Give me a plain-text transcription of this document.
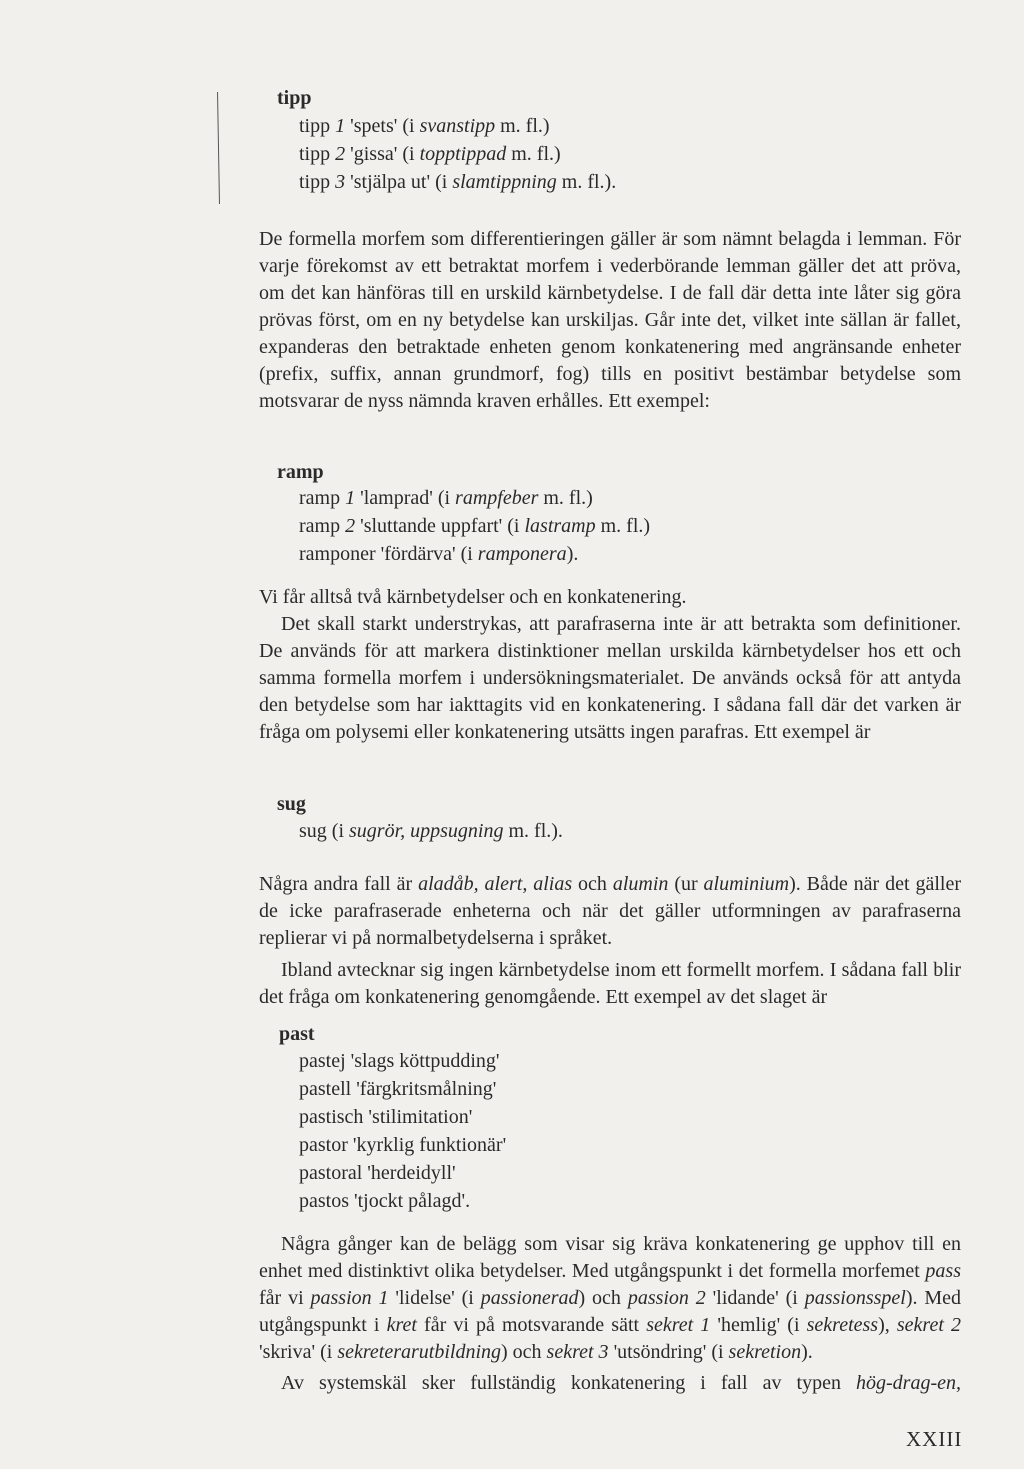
tipp
tipp 1 'spets' (i svanstipp m. fl.)
tipp 2 'gissa' (i topptippad m. fl.)
tipp 3 'stjälpa ut' (i slamtippning m. fl.).

De formella morfem som differentieringen gäller är som nämnt belagda i lemman. För varje förekomst av ett betraktat morfem i vederbörande lemman gäller det att pröva, om det kan hänföras till en urskild kärnbetydelse. I de fall där detta inte låter sig göra prövas först, om en ny betydelse kan urskiljas. Går inte det, vilket inte sällan är fallet, expanderas den betraktade enheten genom konkatenering med angränsande enheter (prefix, suffix, annan grundmorf, fog) tills en positivt bestämbar betydelse som motsvarar de nyss nämnda kraven erhålles. Ett exempel:

ramp
ramp 1 'lamprad' (i rampfeber m. fl.)
ramp 2 'sluttande uppfart' (i lastramp m. fl.)
ramponer 'fördärva' (i ramponera).

Vi får alltså två kärnbetydelser och en konkatenering.

Det skall starkt understrykas, att parafraserna inte är att betrakta som definitioner. De används för att markera distinktioner mellan urskilda kärnbetydelser hos ett och samma formella morfem i undersökningsmaterialet. De används också för att antyda den betydelse som har iakttagits vid en konkatenering. I sådana fall där det varken är fråga om polysemi eller konkatenering utsätts ingen parafras. Ett exempel är

sug
sug (i sugrör, uppsugning m. fl.).

Några andra fall är aladåb, alert, alias och alumin (ur aluminium). Både när det gäller de icke parafraserade enheterna och när det gäller utformningen av parafraserna replierar vi på normalbetydelserna i språket.

Ibland avtecknar sig ingen kärnbetydelse inom ett formellt morfem. I sådana fall blir det fråga om konkatenering genomgående. Ett exempel av det slaget är

past
pastej 'slags köttpudding'
pastell 'färgkritsmålning'
pastisch 'stilimitation'
pastor 'kyrklig funktionär'
pastoral 'herdeidyll'
pastos 'tjockt pålagd'.

Några gånger kan de belägg som visar sig kräva konkatenering ge upphov till en enhet med distinktivt olika betydelser. Med utgångspunkt i det formella morfemet pass får vi passion 1 'lidelse' (i passionerad) och passion 2 'lidande' (i passionsspel). Med utgångspunkt i kret får vi på motsvarande sätt sekret 1 'hemlig' (i sekretess), sekret 2 'skriva' (i sekreterarutbildning) och sekret 3 'utsöndring' (i sekretion).

Av systemskäl sker fullständig konkatenering i fall av typen hög-drag-en,

XXIII
